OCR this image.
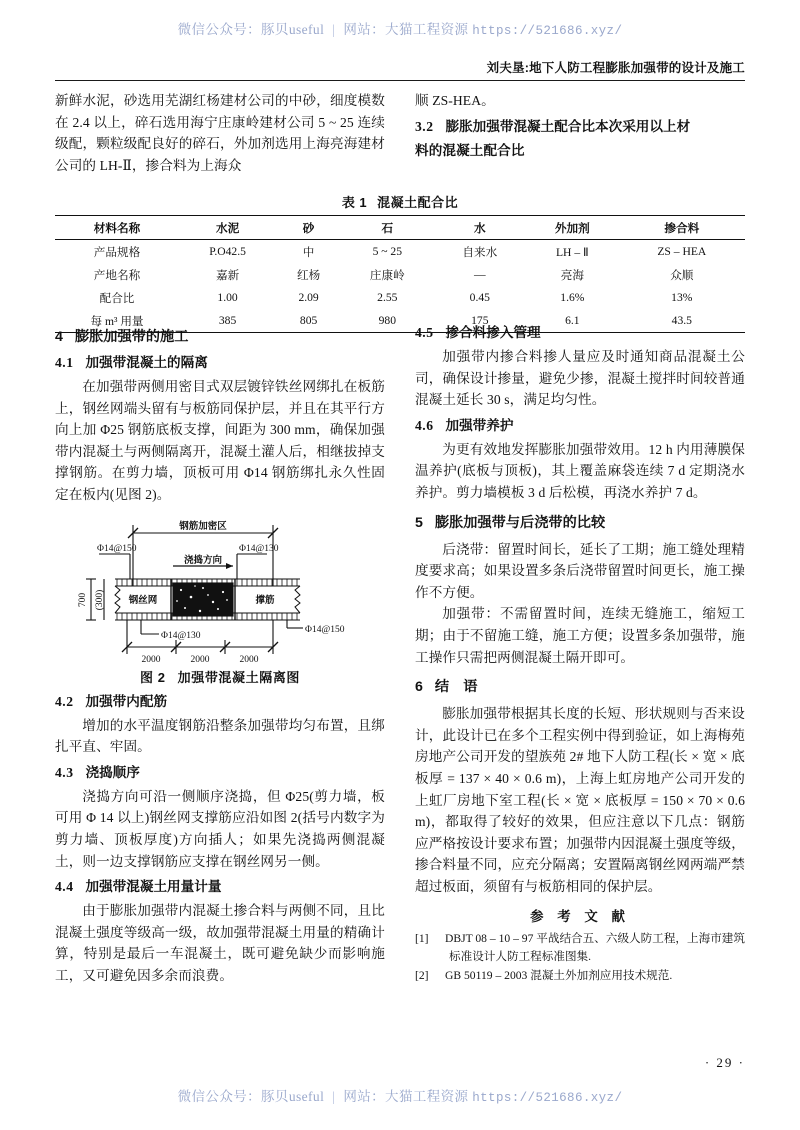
微信公众号：豚贝useful | 网站：大猫工程资源 https://521686.xyz/
刘夫垦:地下人防工程膨胀加强带的设计及施工

新鲜水泥，砂选用芜湖红杨建材公司的中砂，细度模数在 2.4 以上，碎石选用海宁庄康岭建材公司 5 ~ 25 连续级配，颗粒级配良好的碎石，外加剂选用上海亮海建材公司的 LH-Ⅱ，掺合料为上海众

顺 ZS-HEA。

3.2 膨胀加强带混凝土配合比本次采用以上材

料的混凝土配合比

表 1 混凝土配合比
材料名称	水泥	砂	石	水	外加剂	掺合料
产品规格	P.O42.5	中	5 ~ 25	自来水	LH – Ⅱ	ZS – HEA
产地名称	嘉新	红杨	庄康岭	—	亮海	众顺
配合比	1.00	2.09	2.55	0.45	1.6%	13%
每 m³ 用量	385	805	980	175	6.1	43.5
4 膨胀加强带的施工
4.1 加强带混凝土的隔离

在加强带两侧用密目式双层镀锌铁丝网绑扎在板筋上，钢丝网端头留有与板筋同保护层，并且在其平行方向上加 Φ25 钢筋底板支撑，间距为 300 mm，确保加强带内混凝土与两侧隔离开，混凝土灌人后，相继拔掉支撑钢筋。在剪力墙，顶板可用 Φ14 钢筋绑扎永久性固定在板内(见图 2)。

钢筋加密区
Φ14@150	Φ14@130
浇捣方向
钢丝网	撑筋
Φ14@130
Φ14@150
700 (300)
2000	2000	2000
图 2 加强带混凝土隔离图
4.2 加强带内配筋

增加的水平温度钢筋沿整条加强带均匀布置，且绑扎平直、牢固。

4.3 浇捣顺序

浇捣方向可沿一侧顺序浇捣，但 Φ25(剪力墙，板可用 Φ 14 以上)钢丝网支撑筋应沿如图 2(括号内数字为剪力墙、顶板厚度)方向插人；如果先浇捣两侧混凝土，则一边支撑钢筋应支撑在钢丝网另一侧。

4.4 加强带混凝土用量计量

由于膨胀加强带内混凝土掺合料与两侧不同，且比混凝土强度等级高一级，故加强带混凝土用量的精确计算，特别是最后一车混凝土，既可避免缺少而影响施工，又可避免因多余而浪费。

4.5 掺合料掺入管理

加强带内掺合料掺人量应及时通知商品混凝土公司，确保设计掺量，避免少掺，混凝土搅拌时间较普通混凝土延长 30 s，满足均匀性。

4.6 加强带养护

为更有效地发挥膨胀加强带效用。12 h 内用薄膜保温养护(底板与顶板)，其上覆盖麻袋连续 7 d 定期浇水养护。剪力墙模板 3 d 后松模，再浇水养护 7 d。

5 膨胀加强带与后浇带的比较

后浇带：留置时间长，延长了工期；施工缝处理精度要求高；如果设置多条后浇带留置时间更长，施工操作不方便。

加强带：不需留置时间，连续无缝施工，缩短工期；由于不留施工缝，施工方便；设置多条加强带，施工操作只需把两侧混凝土隔开即可。

6 结　语

膨胀加强带根据其长度的长短、形状规则与否来设计，此设计已在多个工程实例中得到验证，如上海梅苑房地产公司开发的望族苑 2# 地下人防工程(长 × 宽 × 底板厚 = 137 × 40 × 0.6 m)，上海上虹房地产公司开发的上虹厂房地下室工程(长 × 宽 × 底板厚 = 150 × 70 × 0.6 m)，都取得了较好的效果，但应注意以下几点：钢筋应严格按设计要求布置；加强带内因混凝土强度等级，掺合料量不同，应充分隔离；安置隔离钢丝网两端严禁超过板面，须留有与板筋相同的保护层。

参 考 文 献
[1] DBJT 08 – 10 – 97 平战结合五、六级人防工程，上海市建筑标准设计人防工程标准图集.
[2] GB 50119 – 2003 混凝土外加剂应用技术规范.
· 29 ·
微信公众号：豚贝useful | 网站：大猫工程资源 https://521686.xyz/
